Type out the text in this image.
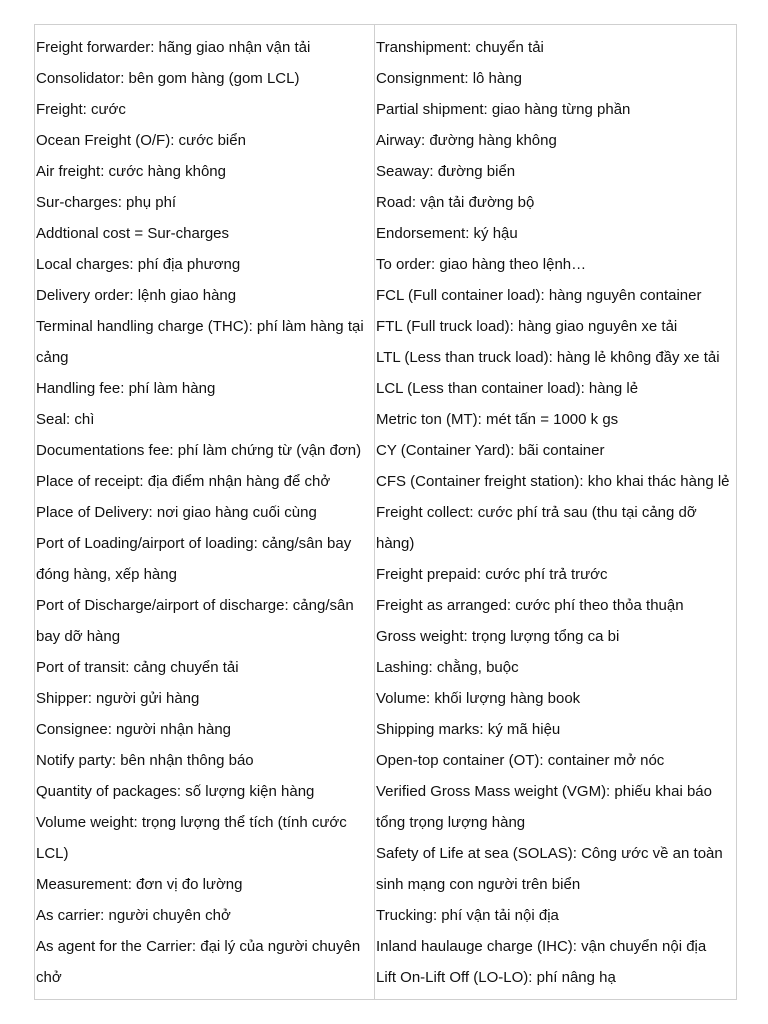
Freight forwarder: hãng giao nhận vận tải

Consolidator: bên gom hàng (gom LCL)

Freight: cước

Ocean Freight (O/F): cước biển

Air freight: cước hàng không

Sur-charges: phụ phí

Addtional cost = Sur-charges

Local charges: phí địa phương

Delivery order: lệnh giao hàng

Terminal handling charge (THC): phí làm hàng tại cảng

Handling fee: phí làm hàng

Seal: chì

Documentations fee: phí làm chứng từ (vận đơn)

Place of receipt: địa điểm nhận hàng để chở

Place of Delivery: nơi giao hàng cuối cùng

Port of Loading/airport of loading: cảng/sân bay đóng hàng, xếp hàng

Port of Discharge/airport of discharge: cảng/sân bay dỡ hàng

Port of transit: cảng chuyển tải

Shipper: người gửi hàng

Consignee: người nhận hàng

Notify party: bên nhận thông báo

Quantity of packages: số lượng kiện hàng

Volume weight: trọng lượng thể tích (tính cước LCL)

Measurement: đơn vị đo lường

As carrier: người chuyên chở

As agent for the Carrier: đại lý của người chuyên chở

Transhipment: chuyển tải

Consignment: lô hàng

Partial shipment: giao hàng từng phần

Airway: đường hàng không

Seaway: đường biển

Road: vận tải đường bộ

Endorsement: ký hậu

To order: giao hàng theo lệnh…

FCL (Full container load): hàng nguyên container

FTL (Full truck load): hàng giao nguyên xe tải

LTL (Less than truck load): hàng lẻ không đầy xe tải

LCL (Less than container load): hàng lẻ

Metric ton (MT): mét tấn = 1000 k gs

CY (Container Yard): bãi container

CFS (Container freight station): kho khai thác hàng lẻ

Freight collect: cước phí trả sau (thu tại cảng dỡ hàng)

Freight prepaid: cước phí trả trước

Freight as arranged: cước phí theo thỏa thuận

Gross weight: trọng lượng tổng ca bi

Lashing: chằng, buộc

Volume: khối lượng hàng book

Shipping marks: ký mã hiệu

Open-top container (OT): container mở nóc

Verified Gross Mass weight (VGM): phiếu khai báo tổng trọng lượng hàng

Safety of Life at sea (SOLAS): Công ước về an toàn sinh mạng con người trên biển

Trucking: phí vận tải nội địa

Inland haulauge charge (IHC): vận chuyển nội địa

Lift On-Lift Off (LO-LO): phí nâng hạ
